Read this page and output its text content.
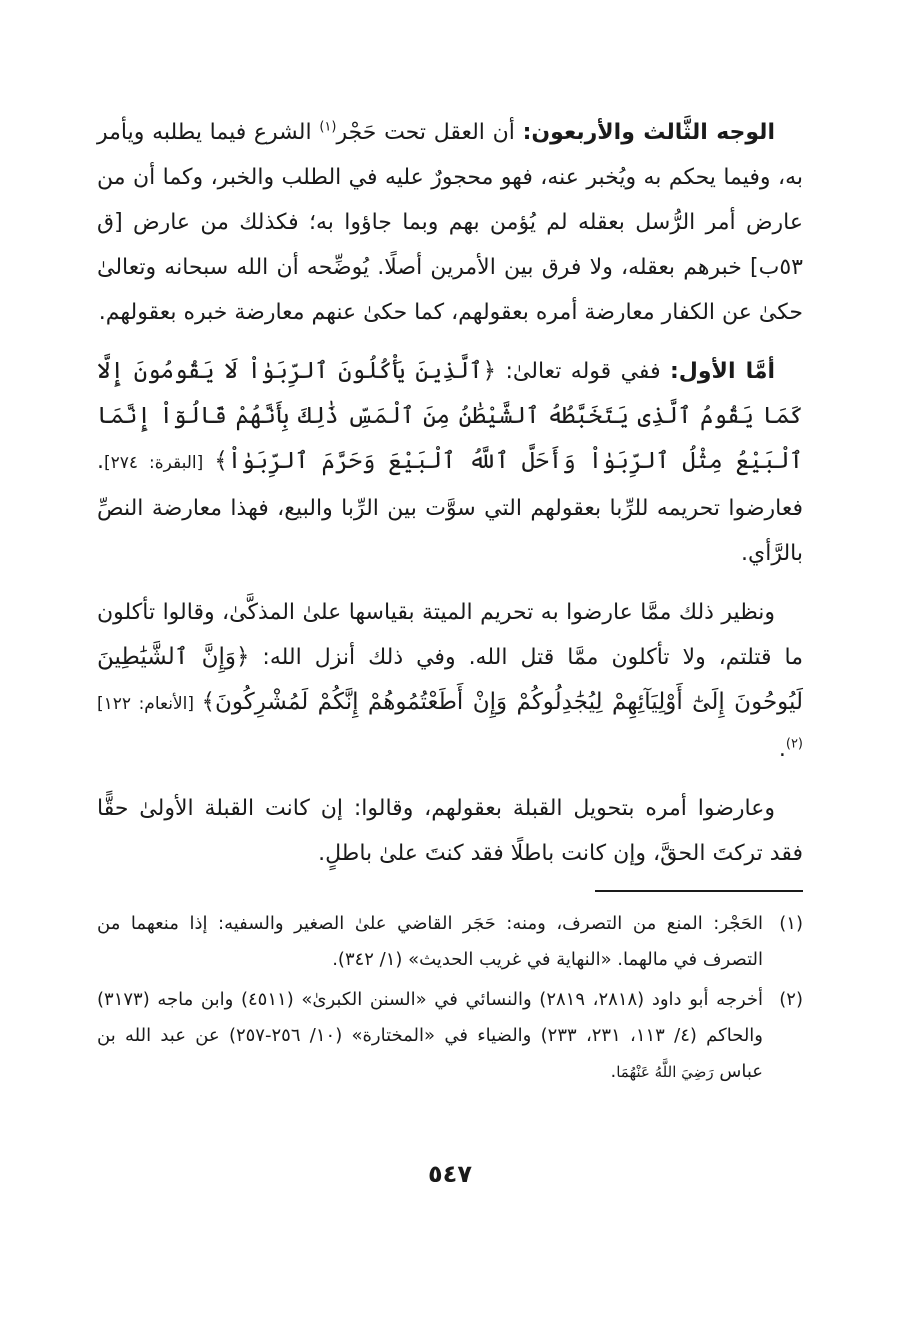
الوجه الثَّالث والأربعون: أن العقل تحت حَجْر$^{(١)}$ الشرع فيما يطلبه ويأمر به، وفيما يحكم به ويُخبر عنه، فهو محجورٌ عليه في الطلب والخبر، وكما أن من عارض أمر الرُّسل بعقله لم يُؤمن بهم وبما جاؤوا به؛ فكذلك من عارض [ق ٥٣ب] خبرهم بعقله، ولا فرق بين الأمرين أصلًا. يُوضِّحه أن الله سبحانه وتعالىٰ حكىٰ عن الكفار معارضة أمره بعقولهم، كما حكىٰ عنهم معارضة خبره بعقولهم.

أمَّا الأول: ففي قوله تعالىٰ: ﴿ٱلَّذِينَ يَأْكُلُونَ ٱلرِّبَوٰاْ لَا يَقُومُونَ إِلَّا كَمَا يَقُومُ ٱلَّذِى يَتَخَبَّطُهُ ٱلشَّيْطَٰنُ مِنَ ٱلْمَسِّ ذَٰلِكَ بِأَنَّهُمْ قَالُوٓاْ إِنَّمَا ٱلْبَيْعُ مِثْلُ ٱلرِّبَوٰاْ وَأَحَلَّ ٱللَّهُ ٱلْبَيْعَ وَحَرَّمَ ٱلرِّبَوٰاْ﴾ [البقرة: ٢٧٤]. فعارضوا تحريمه للرِّبا بعقولهم التي سوَّت بين الرِّبا والبيع، فهذا معارضة النصِّ بالرَّأي.

ونظير ذلك ممَّا عارضوا به تحريم الميتة بقياسها علىٰ المذكَّىٰ، وقالوا تأكلون ما قتلتم، ولا تأكلون ممَّا قتل الله. وفي ذلك أنزل الله: ﴿وَإِنَّ ٱلشَّيَٰطِينَ لَيُوحُونَ إِلَىٰٓ أَوْلِيَآئِهِمْ لِيُجَٰدِلُوكُمْ وَإِنْ أَطَعْتُمُوهُمْ إِنَّكُمْ لَمُشْرِكُونَ﴾ [الأنعام: ١٢٢]$^{(٢)}$.

وعارضوا أمره بتحويل القبلة بعقولهم، وقالوا: إن كانت القبلة الأولىٰ حقًّا فقد تركتَ الحقَّ، وإن كانت باطلًا فقد كنتَ علىٰ باطلٍ.

(١)
الحَجْر: المنع من التصرف، ومنه: حَجَر القاضي علىٰ الصغير والسفيه: إذا منعهما من التصرف في مالهما. «النهاية في غريب الحديث» (١/ ٣٤٢).
(٢)
أخرجه أبو داود (٢٨١٨، ٢٨١٩) والنسائي في «السنن الكبرىٰ» (٤٥١١) وابن ماجه (٣١٧٣) والحاكم (٤/ ١١٣، ٢٣١، ٢٣٣) والضياء في «المختارة» (١٠/ ٢٥٦-٢٥٧) عن عبد الله بن عباس رَضِيَ اللَّهُ عَنْهُمَا.
٥٤٧
